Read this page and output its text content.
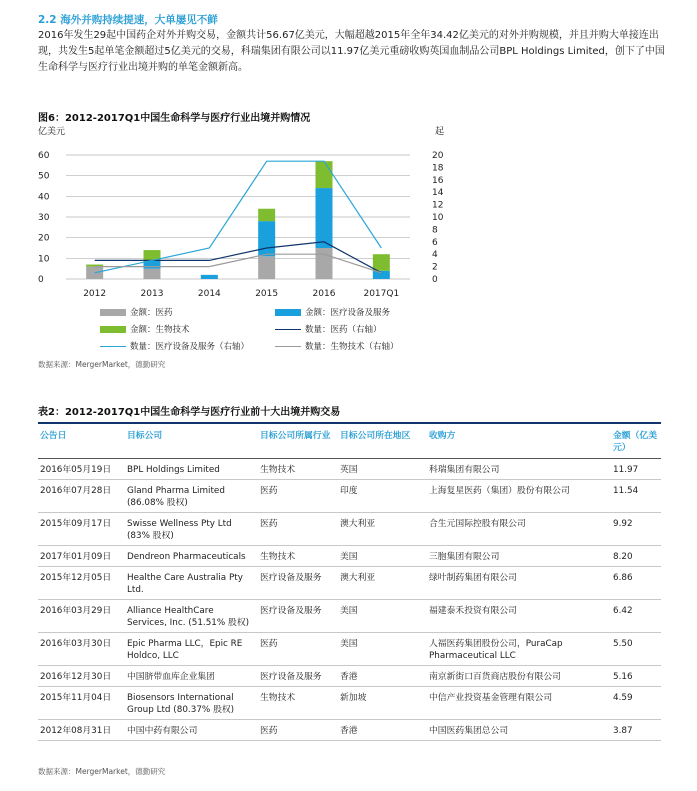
2.2 海外并购持续提速，大单屡见不鲜
2016年发生29起中国药企对外并购交易，金额共计56.67亿美元，大幅超越2015年全年34.42亿美元的对外并购规模，并且并购大单接连出现，共发生5起单笔金额超过5亿美元的交易，科瑞集团有限公司以11.97亿美元重磅收购英国血制品公司BPL Holdings Limited，创下了中国生命科学与医疗行业出境并购的单笔金额新高。
图6：2012-2017Q1中国生命科学与医疗行业出境并购情况
0
10
20
30
40
50
60
0
2
4
6
8
10
12
14
16
18
20
亿美元	起
2012	2013	2014	2015	2016	2017Q1
金额：医药	金额：医疗设备及服务
金额：生物技术	数量：医药（右轴）
数量：医疗设备及服务（右轴）	数量：生物技术（右轴）
数据来源：MergerMarket，德勤研究
表2：2012-2017Q1中国生命科学与医疗行业前十大出境并购交易
公告日	目标公司	目标公司所属行业	目标公司所在地区	收购方	金额（亿美元）
2016年05月19日	BPL Holdings Limited	生物技术	英国	科瑞集团有限公司	11.97
2016年07月28日	Gland Pharma Limited (86.08% 股权)	医药	印度	上海复星医药（集团）股份有限公司	11.54
2015年09月17日	Swisse Wellness Pty Ltd (83% 股权)	医药	澳大利亚	合生元国际控股有限公司	9.92
2017年01月09日	Dendreon Pharmaceuticals	生物技术	美国	三胞集团有限公司	8.20
2015年12月05日	Healthe Care Australia Pty Ltd.	医疗设备及服务	澳大利亚	绿叶制药集团有限公司	6.86
2016年03月29日	Alliance HealthCare Services, Inc. (51.51% 股权)	医疗设备及服务	美国	福建泰禾投资有限公司	6.42
2016年03月30日	Epic Pharma LLC，Epic RE Holdco, LLC	医药	美国	人福医药集团股份公司，PuraCap Pharmaceutical LLC	5.50
2016年12月30日	中国脐带血库企业集团	医疗设备及服务	香港	南京新街口百货商店股份有限公司	5.16
2015年11月04日	Biosensors International Group Ltd (80.37% 股权)	生物技术	新加坡	中信产业投资基金管理有限公司	4.59
2012年08月31日	中国中药有限公司	医药	香港	中国医药集团总公司	3.87
数据来源：MergerMarket，德勤研究
